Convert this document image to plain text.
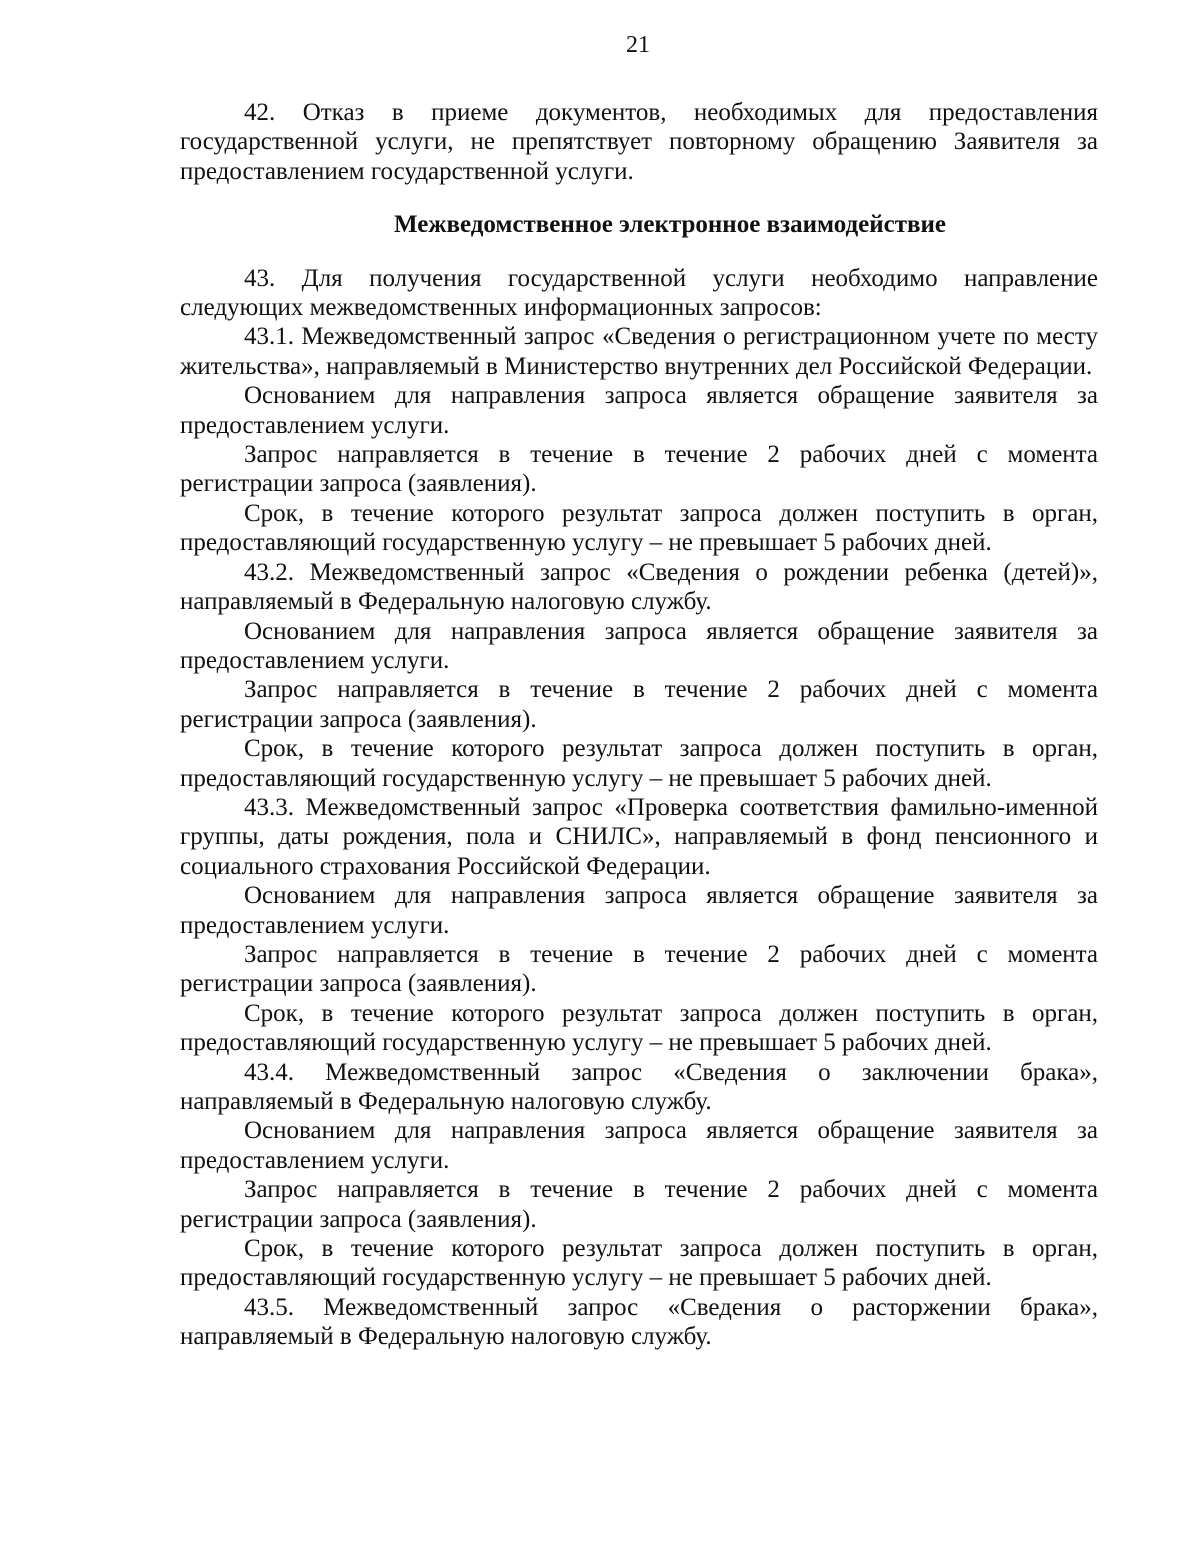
21

42. Отказ в приеме документов, необходимых для предоставления государственной услуги, не препятствует повторному обращению Заявителя за предоставлением государственной услуги.

Межведомственное электронное взаимодействие

43. Для получения государственной услуги необходимо направление следующих межведомственных информационных запросов:

43.1. Межведомственный запрос «Сведения о регистрационном учете по месту жительства», направляемый в Министерство внутренних дел Российской Федерации.

Основанием для направления запроса является обращение заявителя за предоставлением услуги.

Запрос направляется в течение в течение 2 рабочих дней с момента регистрации запроса (заявления).

Срок, в течение которого результат запроса должен поступить в орган, предоставляющий государственную услугу – не превышает 5 рабочих дней.

43.2. Межведомственный запрос «Сведения о рождении ребенка (детей)», направляемый в Федеральную налоговую службу.

Основанием для направления запроса является обращение заявителя за предоставлением услуги.

Запрос направляется в течение в течение 2 рабочих дней с момента регистрации запроса (заявления).

Срок, в течение которого результат запроса должен поступить в орган, предоставляющий государственную услугу – не превышает 5 рабочих дней.

43.3. Межведомственный запрос «Проверка соответствия фамильно-именной группы, даты рождения, пола и СНИЛС», направляемый в фонд пенсионного и социального страхования Российской Федерации.

Основанием для направления запроса является обращение заявителя за предоставлением услуги.

Запрос направляется в течение в течение 2 рабочих дней с момента регистрации запроса (заявления).

Срок, в течение которого результат запроса должен поступить в орган, предоставляющий государственную услугу – не превышает 5 рабочих дней.

43.4. Межведомственный запрос «Сведения о заключении брака», направляемый в Федеральную налоговую службу.

Основанием для направления запроса является обращение заявителя за предоставлением услуги.

Запрос направляется в течение в течение 2 рабочих дней с момента регистрации запроса (заявления).

Срок, в течение которого результат запроса должен поступить в орган, предоставляющий государственную услугу – не превышает 5 рабочих дней.

43.5. Межведомственный запрос «Сведения о расторжении брака», направляемый в Федеральную налоговую службу.
